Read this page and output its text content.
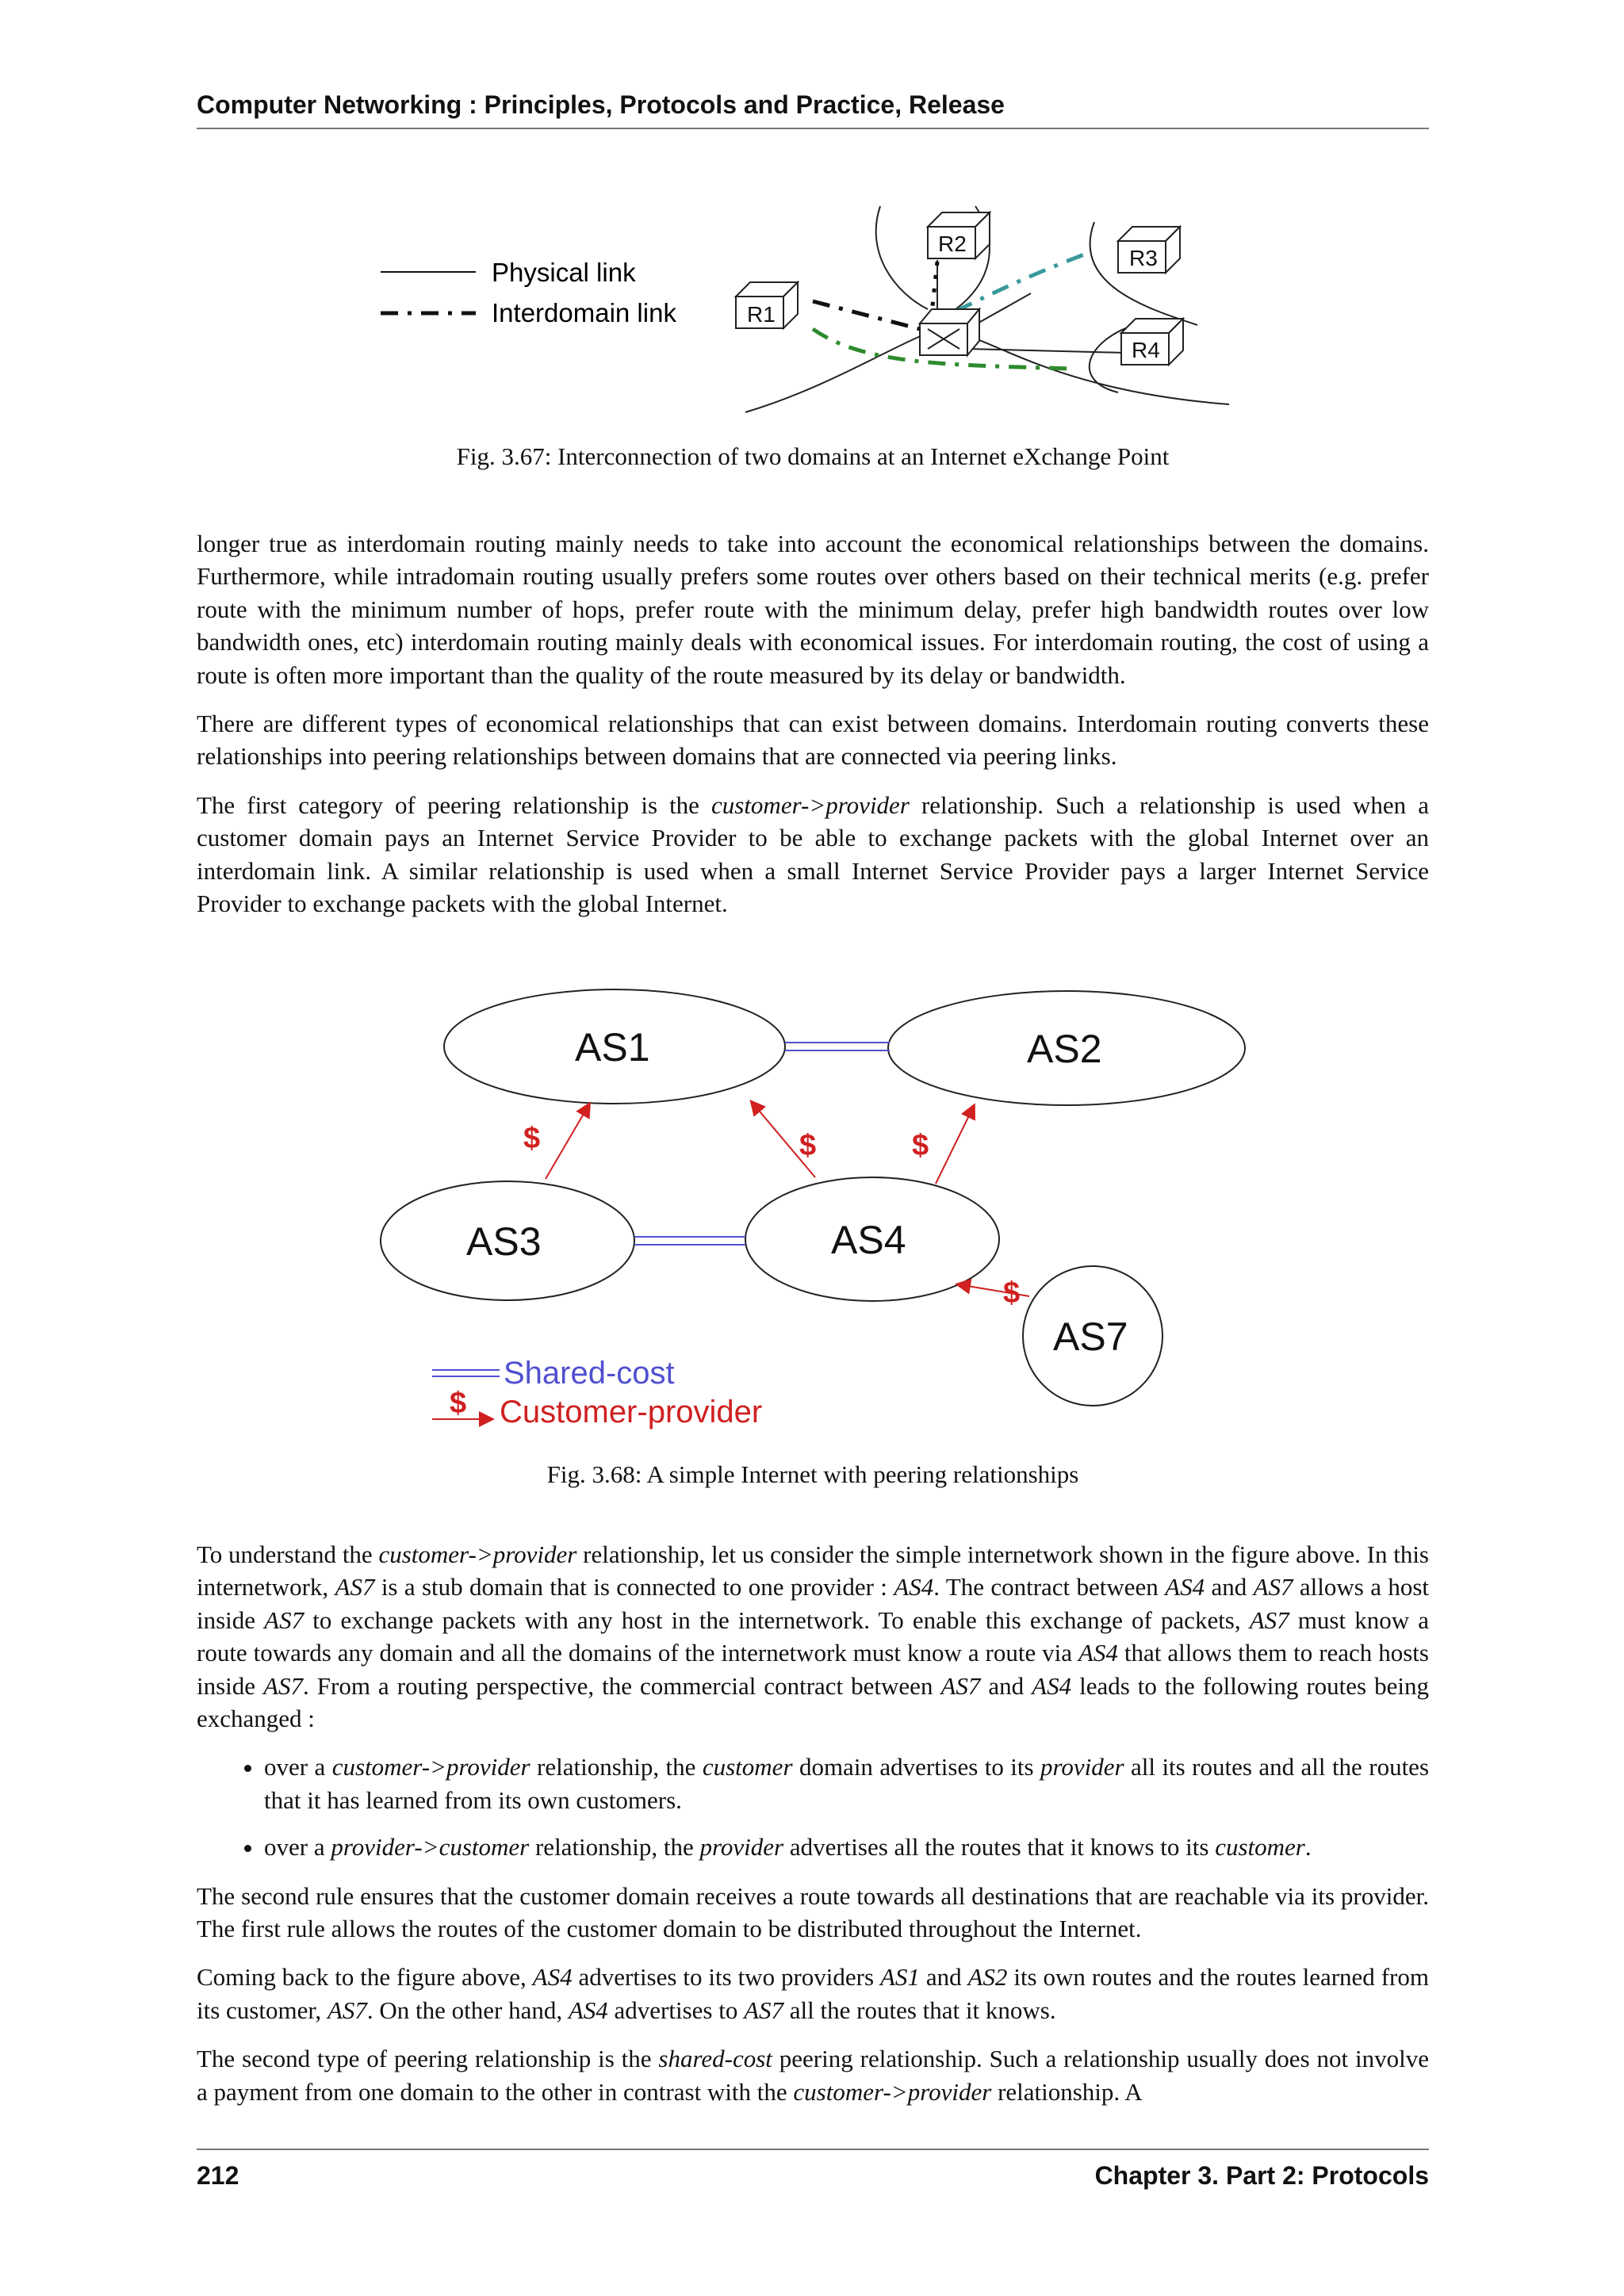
Computer Networking : Principles, Protocols and Practice, Release
Physical link
Interdomain link	R1
R2
R3
R4
Fig. 3.67: Interconnection of two domains at an Internet eXchange Point

longer true as interdomain routing mainly needs to take into account the economical relationships between the domains. Furthermore, while intradomain routing usually prefers some routes over others based on their technical merits (e.g. prefer route with the minimum number of hops, prefer route with the minimum delay, prefer high bandwidth routes over low bandwidth ones, etc) interdomain routing mainly deals with economical issues. For interdomain routing, the cost of using a route is often more important than the quality of the route measured by its delay or bandwidth.

There are different types of economical relationships that can exist between domains. Interdomain routing converts these relationships into peering relationships between domains that are connected via peering links.

The first category of peering relationship is the customer->provider relationship. Such a relationship is used when a customer domain pays an Internet Service Provider to be able to exchange packets with the global Internet over an interdomain link. A similar relationship is used when a small Internet Service Provider pays a larger Internet Service Provider to exchange packets with the global Internet.

$	$	$
$
$
AS1	AS2
AS3	AS4
AS7
Shared-cost
Customer-provider
Fig. 3.68: A simple Internet with peering relationships

To understand the customer->provider relationship, let us consider the simple internetwork shown in the figure above. In this internetwork, AS7 is a stub domain that is connected to one provider : AS4. The contract between AS4 and AS7 allows a host inside AS7 to exchange packets with any host in the internetwork. To enable this exchange of packets, AS7 must know a route towards any domain and all the domains of the internetwork must know a route via AS4 that allows them to reach hosts inside AS7. From a routing perspective, the commercial contract between AS7 and AS4 leads to the following routes being exchanged :

• over a customer->provider relationship, the customer domain advertises to its provider all its routes and all the routes that it has learned from its own customers.
• over a provider->customer relationship, the provider advertises all the routes that it knows to its customer.

The second rule ensures that the customer domain receives a route towards all destinations that are reachable via its provider. The first rule allows the routes of the customer domain to be distributed throughout the Internet.

Coming back to the figure above, AS4 advertises to its two providers AS1 and AS2 its own routes and the routes learned from its customer, AS7. On the other hand, AS4 advertises to AS7 all the routes that it knows.

The second type of peering relationship is the shared-cost peering relationship. Such a relationship usually does not involve a payment from one domain to the other in contrast with the customer->provider relationship. A

212	Chapter 3. Part 2: Protocols
